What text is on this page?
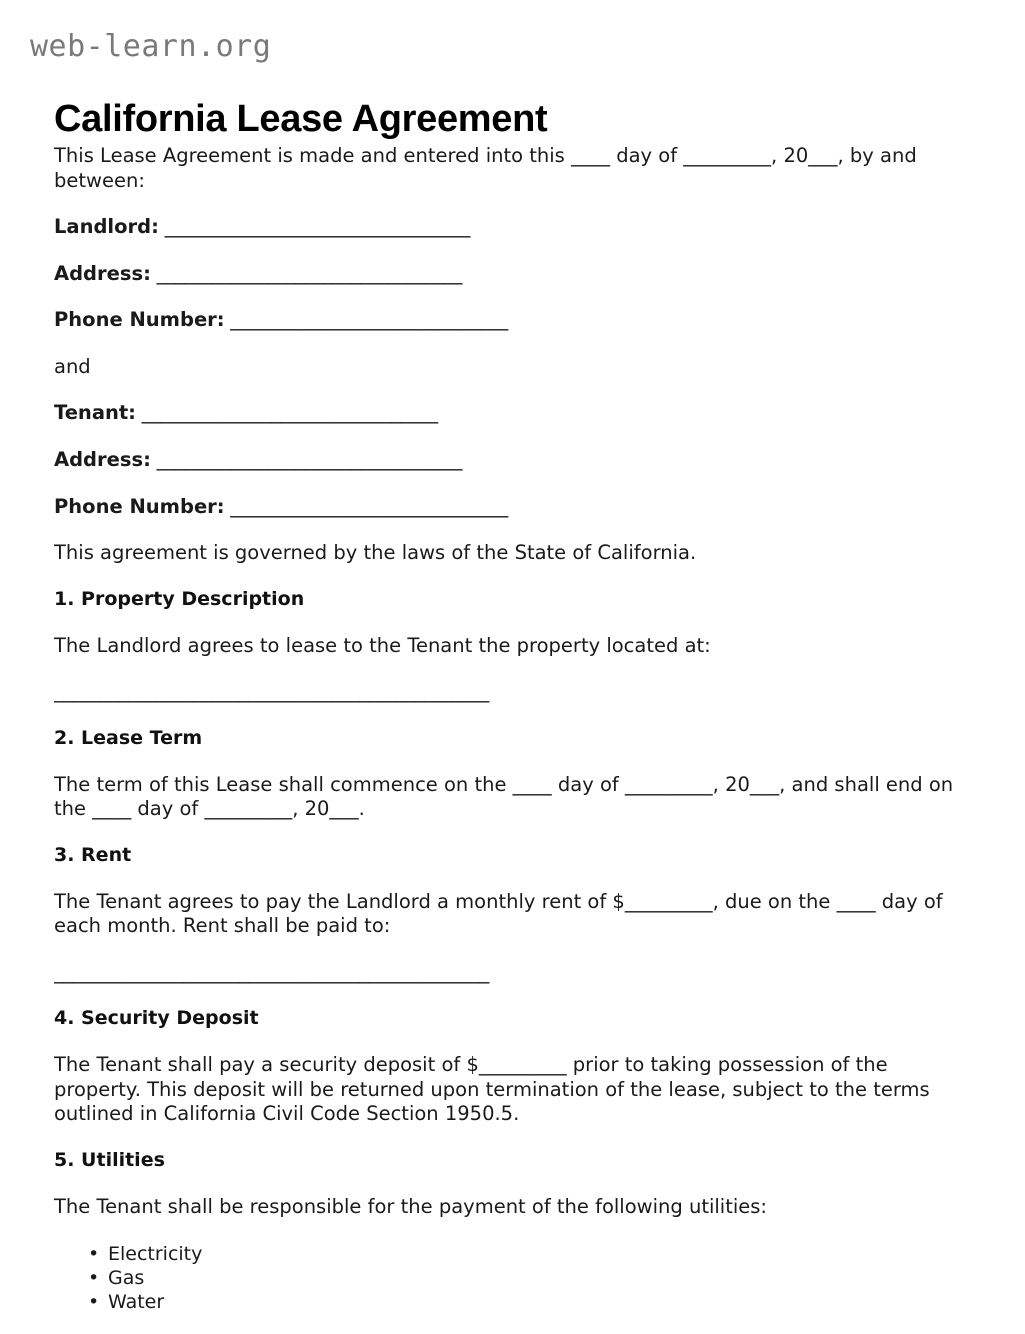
web-learn.org
California Lease Agreement

This Lease Agreement is made and entered into this ____ day of _________, 20___, by and between:

Landlord: _________________________________

Address: _________________________________

Phone Number: ______________________________

and

Tenant: ________________________________

Address: _________________________________

Phone Number: ______________________________

This agreement is governed by the laws of the State of California.

1. Property Description

The Landlord agrees to lease to the Tenant the property located at:

_______________________________________________

2. Lease Term

The term of this Lease shall commence on the ____ day of _________, 20___, and shall end on the ____ day of _________, 20___.

3. Rent

The Tenant agrees to pay the Landlord a monthly rent of $_________, due on the ____ day of each month. Rent shall be paid to:

_______________________________________________

4. Security Deposit

The Tenant shall pay a security deposit of $_________ prior to taking possession of the property. This deposit will be returned upon termination of the lease, subject to the terms outlined in California Civil Code Section 1950.5.

5. Utilities

The Tenant shall be responsible for the payment of the following utilities:

• Electricity
• Gas
• Water
